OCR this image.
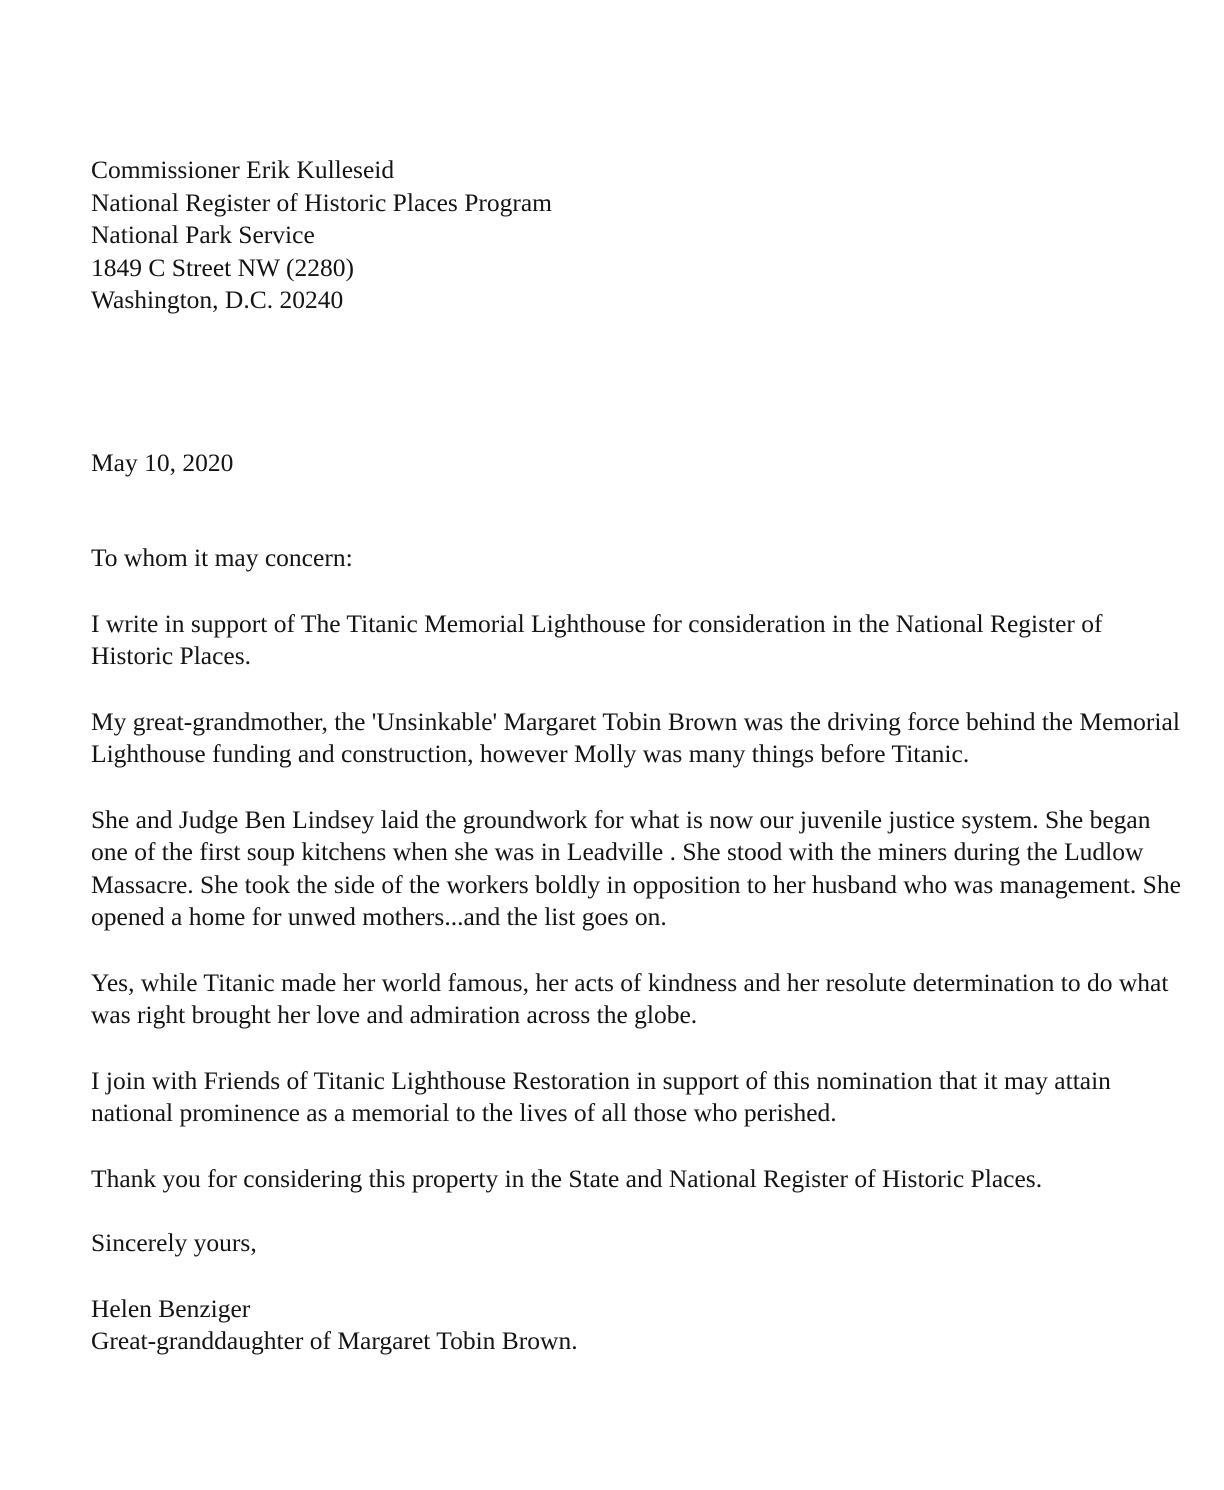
Commissioner Erik Kulleseid
National Register of Historic Places Program
National Park Service
1849 C Street NW (2280)
Washington, D.C. 20240
May 10, 2020
To whom it may concern:

I write in support of The Titanic Memorial Lighthouse for consideration in the National Register of Historic Places.

My great-grandmother, the 'Unsinkable' Margaret Tobin Brown was the driving force behind the Memorial Lighthouse funding and construction, however Molly was many things before Titanic.

She and Judge Ben Lindsey laid the groundwork for what is now our juvenile justice system. She began one of the first soup kitchens when she was in Leadville . She stood with the miners during the Ludlow Massacre. She took the side of the workers boldly in opposition to her husband who was management. She opened a home for unwed mothers...and the list goes on.

Yes, while Titanic made her world famous, her acts of kindness and her resolute determination to do what was right brought her love and admiration across the globe.

I join with Friends of Titanic Lighthouse Restoration in support of this nomination that it may attain national prominence as a memorial to the lives of all those who perished.

Thank you for considering this property in the State and National Register of Historic Places.

Sincerely yours,
Helen Benziger
Great-granddaughter of Margaret Tobin Brown.
